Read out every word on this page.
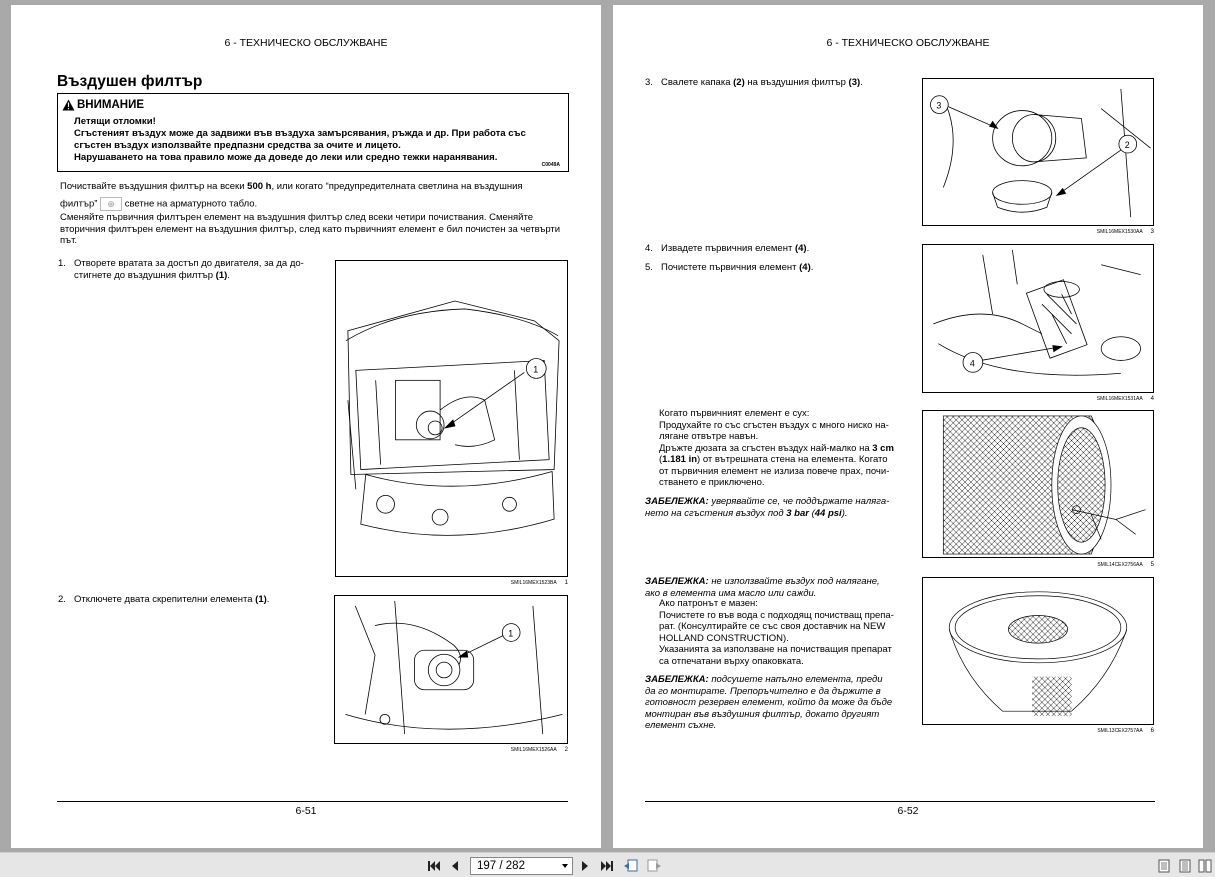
6 - ТЕХНИЧЕСКО ОБСЛУЖВАНЕ
Въздушен филтър
ВНИМАНИЕ
Летящи отломки!
Сгъстеният въздух може да задвижи във въздуха замърсявания, ръжда и др. При работа със
сгъстен въздух използвайте предпазни средства за очите и лицето.
Нарушаването на това правило може да доведе до леки или средно тежки наранявания.
C0049A
Почиствайте въздушния филтър на всеки 500 h, или когато “предупредителната светлина на въздушния
филтър” ⊕ светне на арматурното табло.
Сменяйте първичния филтърен елемент на въздушния филтър след всеки четири почиствания. Сменяйте вторичния филтърен елемент на въздушния филтър, след като първичният елемент е бил почистен за четвърти път.
1. Отворете вратата за достъп до двигателя, за да до-
стигнете до въздушния филтър (1).
1
SMIL16MEX1523BA 1
2. Отключете двата скрепителни елемента (1).
1
SMIL16MEX1526AA 2
6-51
6 - ТЕХНИЧЕСКО ОБСЛУЖВАНЕ
3. Свалете капака (2) на въздушния филтър (3).
3
2
SMIL16MEX1530AA 3
4. Извадете първичния елемент (4).
5. Почистете първичния елемент (4).
4
SMIL16MEX1531AA 4
Когато първичният елемент е сух:
Продухайте го със сгъстен въздух с много ниско на-
лягане отвътре навън.
Дръжте дюзата за сгъстен въздух най-малко на 3 cm
(1.181 in) от вътрешната стена на елемента. Когато
от първичния елемент не излиза повече прах, почи-
стването е приключено.
ЗАБЕЛЕЖКА: уверявайте се, че поддържате наляга-
нето на сгъстения въздух под 3 bar (44 psi).
SMIL14CEX2756AA 5
ЗАБЕЛЕЖКА: не използвайте въздух под налягане,
ако в елемента има масло или сажди.
Ако патронът е мазен:
Почистете го във вода с подходящ почистващ препа-
рат. (Консултирайте се със своя доставчик на NEW
HOLLAND CONSTRUCTION).
Указанията за използване на почистващия препарат
са отпечатани върху опаковката.
ЗАБЕЛЕЖКА: подсушете напълно елемента, преди
да го монтирате. Препоръчително е да държите в
готовност резервен елемент, който да може да бъде
монтиран във въздушния филтър, докато другият
елемент съхне.	SMIL13CEX2757AA 6
6-52
197 / 282
